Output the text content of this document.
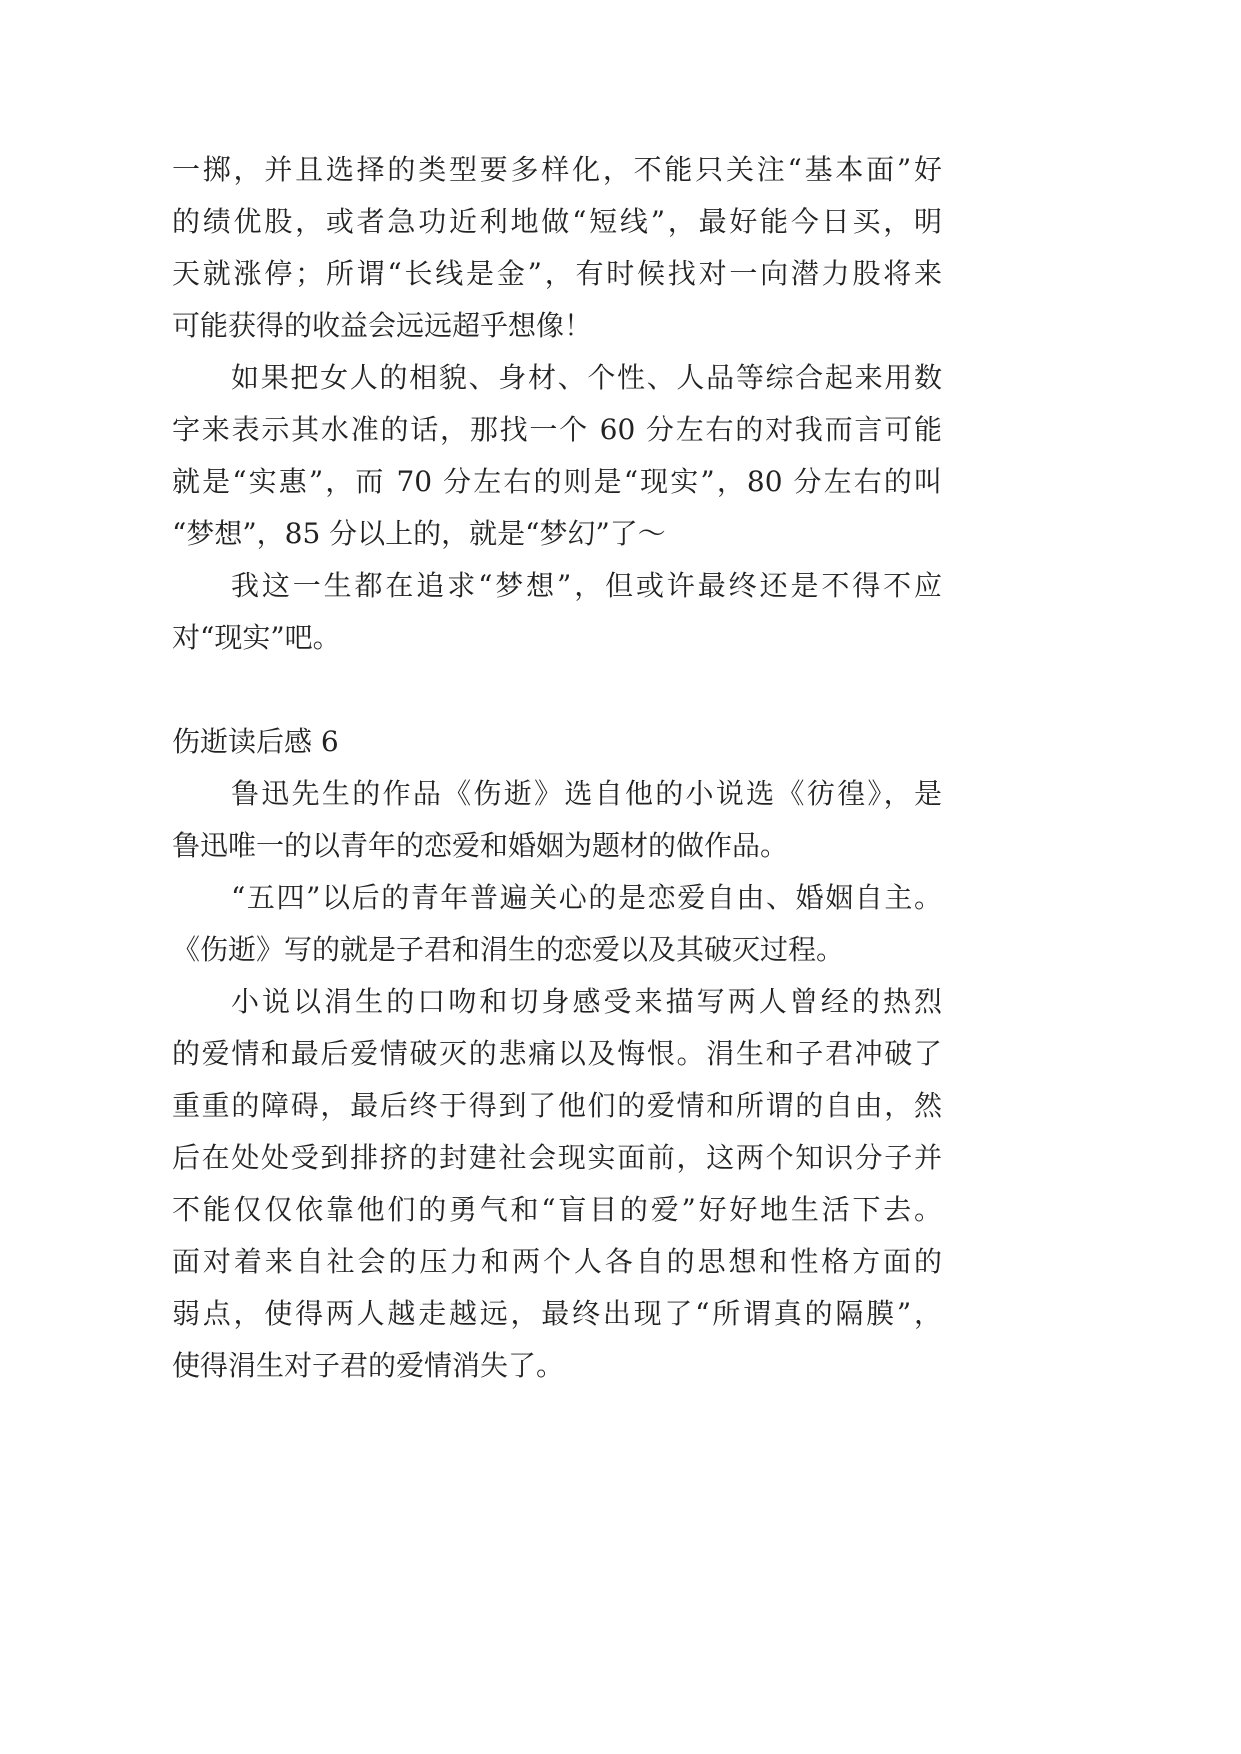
一掷，并且选择的类型要多样化，不能只关注“基本面”好
的绩优股，或者急功近利地做“短线”，最好能今日买，明
天就涨停；所谓“长线是金”，有时候找对一向潜力股将来
可能获得的收益会远远超乎想像！
如果把女人的相貌、身材、个性、人品等综合起来用数
字来表示其水准的话，那找一个 60 分左右的对我而言可能
就是“实惠”，而 70 分左右的则是“现实”，80 分左右的叫
“梦想”，85 分以上的，就是“梦幻”了～
我这一生都在追求“梦想”，但或许最终还是不得不应
对“现实”吧。
伤逝读后感 6
鲁迅先生的作品《伤逝》选自他的小说选《彷徨》，是
鲁迅唯一的以青年的恋爱和婚姻为题材的做作品。
“五四”以后的青年普遍关心的是恋爱自由、婚姻自主。
《伤逝》写的就是子君和涓生的恋爱以及其破灭过程。
小说以涓生的口吻和切身感受来描写两人曾经的热烈
的爱情和最后爱情破灭的悲痛以及悔恨。涓生和子君冲破了
重重的障碍，最后终于得到了他们的爱情和所谓的自由，然
后在处处受到排挤的封建社会现实面前，这两个知识分子并
不能仅仅依靠他们的勇气和“盲目的爱”好好地生活下去。
面对着来自社会的压力和两个人各自的思想和性格方面的
弱点，使得两人越走越远，最终出现了“所谓真的隔膜”，
使得涓生对子君的爱情消失了。
